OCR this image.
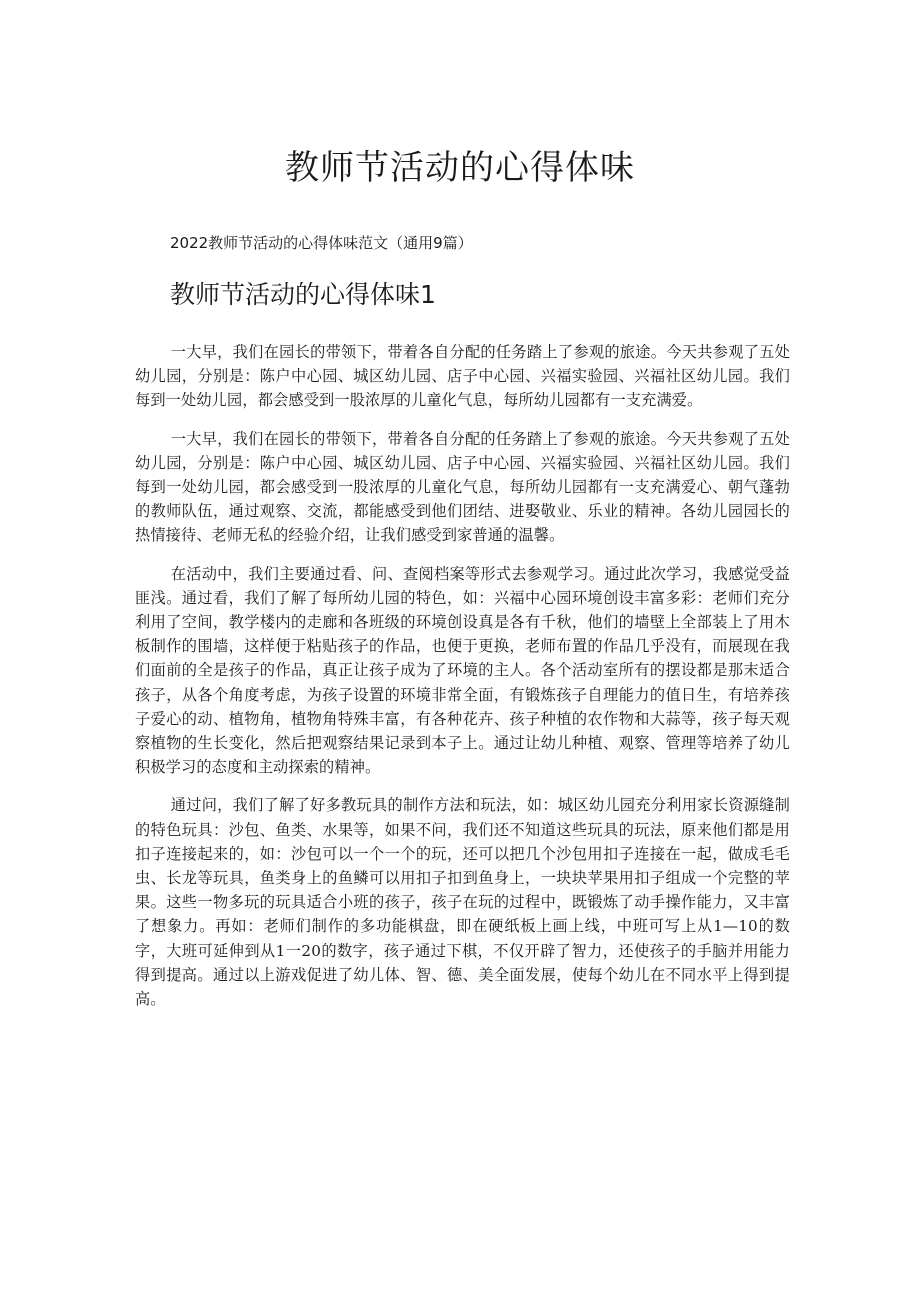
教师节活动的心得体味
2022教师节活动的心得体味范文（通用9篇）
教师节活动的心得体味1

一大早，我们在园长的带领下，带着各自分配的任务踏上了参观的旅途。今天共参观了五处幼儿园，分别是：陈户中心园、城区幼儿园、店子中心园、兴福实验园、兴福社区幼儿园。我们每到一处幼儿园，都会感受到一股浓厚的儿童化气息，每所幼儿园都有一支充满爱。

一大早，我们在园长的带领下，带着各自分配的任务踏上了参观的旅途。今天共参观了五处幼儿园，分别是：陈户中心园、城区幼儿园、店子中心园、兴福实验园、兴福社区幼儿园。我们每到一处幼儿园，都会感受到一股浓厚的儿童化气息，每所幼儿园都有一支充满爱心、朝气蓬勃的教师队伍，通过观察、交流，都能感受到他们团结、进娶敬业、乐业的精神。各幼儿园园长的热情接待、老师无私的经验介绍，让我们感受到家普通的温馨。

在活动中，我们主要通过看、问、查阅档案等形式去参观学习。通过此次学习，我感觉受益匪浅。通过看，我们了解了每所幼儿园的特色，如：兴福中心园环境创设丰富多彩：老师们充分利用了空间，教学楼内的走廊和各班级的环境创设真是各有千秋，他们的墙壁上全部装上了用木板制作的围墙，这样便于粘贴孩子的作品，也便于更换，老师布置的作品几乎没有，而展现在我们面前的全是孩子的作品，真正让孩子成为了环境的主人。各个活动室所有的摆设都是那末适合孩子，从各个角度考虑，为孩子设置的环境非常全面，有锻炼孩子自理能力的值日生，有培养孩子爱心的动、植物角，植物角特殊丰富，有各种花卉、孩子种植的农作物和大蒜等，孩子每天观察植物的生长变化，然后把观察结果记录到本子上。通过让幼儿种植、观察、管理等培养了幼儿积极学习的态度和主动探索的精神。

通过问，我们了解了好多教玩具的制作方法和玩法，如：城区幼儿园充分利用家长资源缝制的特色玩具：沙包、鱼类、水果等，如果不问，我们还不知道这些玩具的玩法，原来他们都是用扣子连接起来的，如：沙包可以一个一个的玩，还可以把几个沙包用扣子连接在一起，做成毛毛虫、长龙等玩具，鱼类身上的鱼鳞可以用扣子扣到鱼身上，一块块苹果用扣子组成一个完整的苹果。这些一物多玩的玩具适合小班的孩子，孩子在玩的过程中，既锻炼了动手操作能力，又丰富了想象力。再如：老师们制作的多功能棋盘，即在硬纸板上画上线，中班可写上从1—10的数字，大班可延伸到从1一20的数字，孩子通过下棋，不仅开辟了智力，还使孩子的手脑并用能力得到提高。通过以上游戏促进了幼儿体、智、德、美全面发展，使每个幼儿在不同水平上得到提高。
